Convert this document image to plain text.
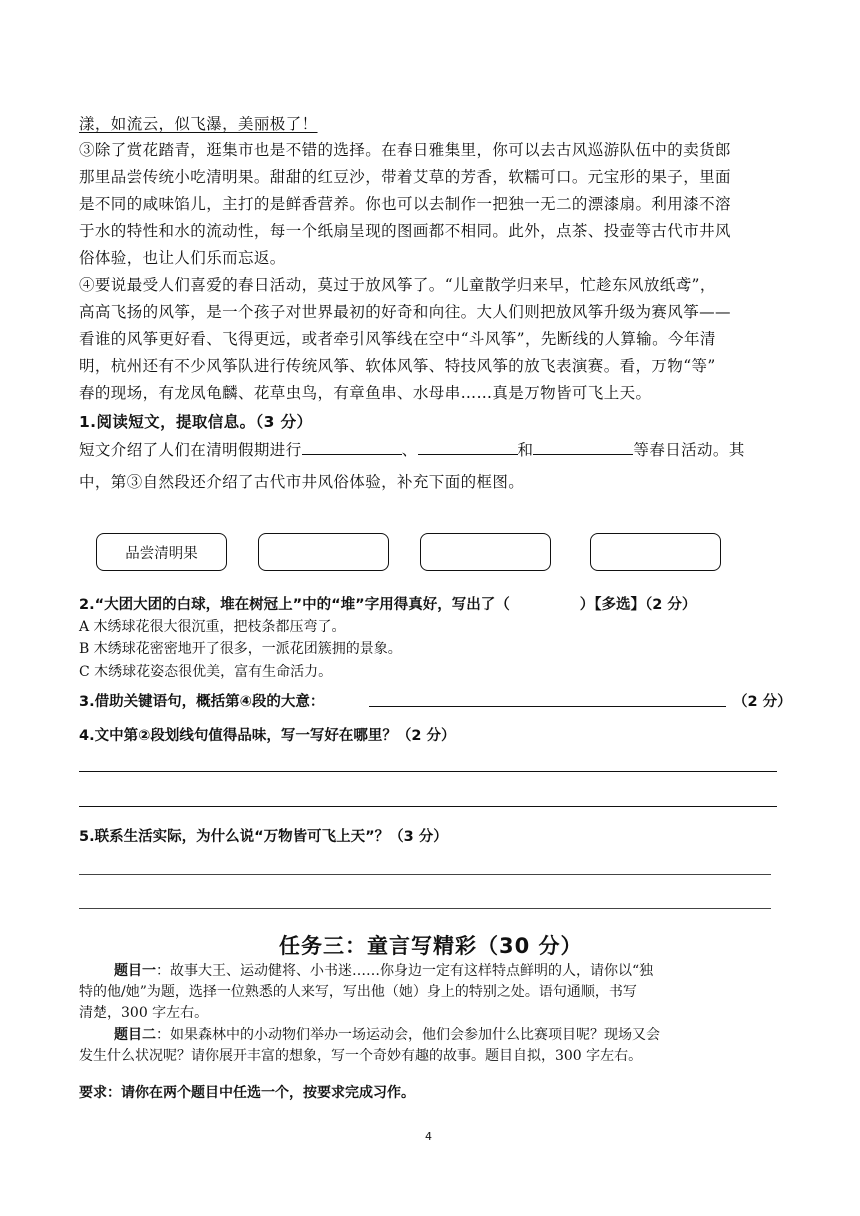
漾，如流云，似飞瀑，美丽极了！
③除了赏花踏青，逛集市也是不错的选择。在春日雅集里，你可以去古风巡游队伍中的卖货郎
那里品尝传统小吃清明果。甜甜的红豆沙，带着艾草的芳香，软糯可口。元宝形的果子，里面
是不同的咸味馅儿，主打的是鲜香营养。你也可以去制作一把独一无二的漂漆扇。利用漆不溶
于水的特性和水的流动性，每一个纸扇呈现的图画都不相同。此外，点茶、投壶等古代市井风
俗体验，也让人们乐而忘返。
④要说最受人们喜爱的春日活动，莫过于放风筝了。“儿童散学归来早，忙趁东风放纸鸢”，
高高飞扬的风筝，是一个孩子对世界最初的好奇和向往。大人们则把放风筝升级为赛风筝——
看谁的风筝更好看、飞得更远，或者牵引风筝线在空中“斗风筝”，先断线的人算输。今年清
明，杭州还有不少风筝队进行传统风筝、软体风筝、特技风筝的放飞表演赛。看，万物“等”
春的现场，有龙凤龟麟、花草虫鸟，有章鱼串、水母串……真是万物皆可飞上天。
1.阅读短文，提取信息。（3 分）
短文介绍了人们在清明假期进行	、	和	等春日活动。其
中，第③自然段还介绍了古代市井风俗体验，补充下面的框图。
品尝清明果
2.“大团大团的白球，堆在树冠上”中的“堆”字用得真好，写出了（	）【多选】（2 分）
A 木绣球花很大很沉重，把枝条都压弯了。
B 木绣球花密密地开了很多，一派花团簇拥的景象。
C 木绣球花姿态很优美，富有生命活力。
3.借助关键语句，概括第④段的大意：	（2 分）
4.文中第②段划线句值得品味，写一写好在哪里？（2 分）
5.联系生活实际，为什么说“万物皆可飞上天”？（3 分）
任务三：童言写精彩（30 分）
题目一：故事大王、运动健将、小书迷……你身边一定有这样特点鲜明的人，请你以“独
特的他/她”为题，选择一位熟悉的人来写，写出他（她）身上的特别之处。语句通顺，书写
清楚，300 字左右。
题目二：如果森林中的小动物们举办一场运动会，他们会参加什么比赛项目呢？现场又会
发生什么状况呢？请你展开丰富的想象，写一个奇妙有趣的故事。题目自拟，300 字左右。
要求：请你在两个题目中任选一个，按要求完成习作。
4
